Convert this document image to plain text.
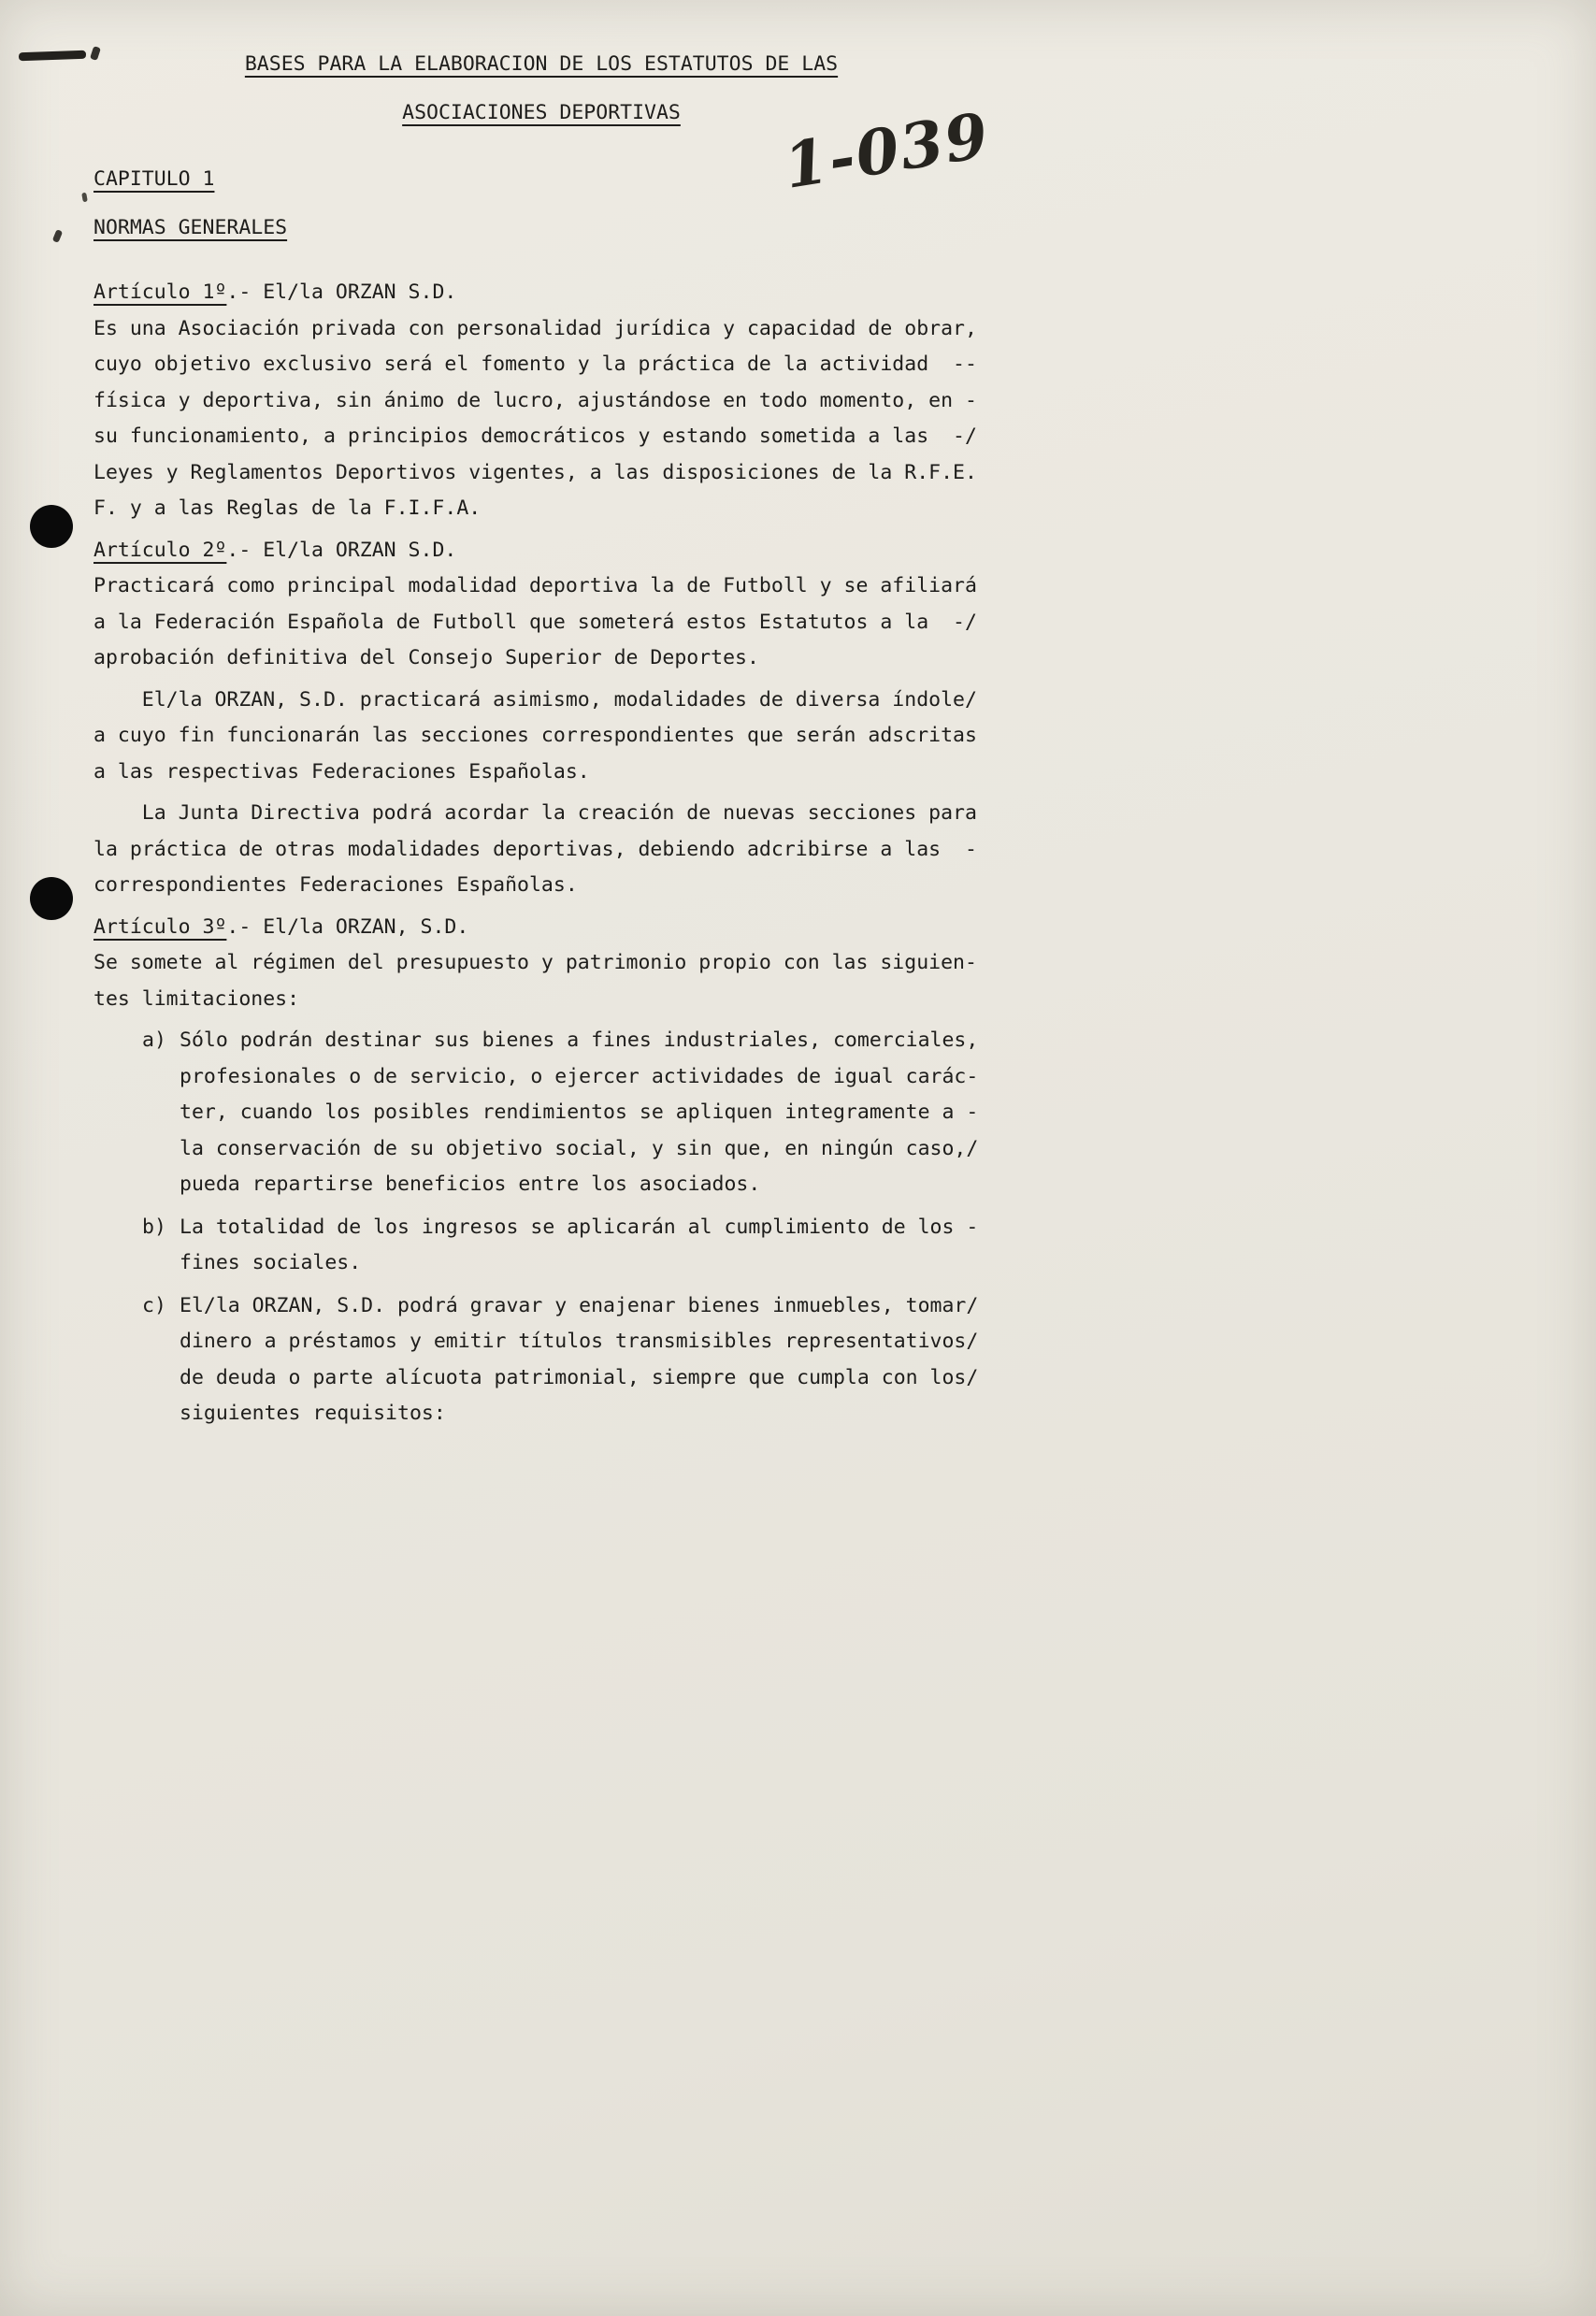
1-039
BASES PARA LA ELABORACION DE LOS ESTATUTOS DE LAS
ASOCIACIONES DEPORTIVAS
CAPITULO 1
NORMAS GENERALES
Artículo 1º.- El/la ORZAN S.D.
Es una Asociación privada con personalidad jurídica y capacidad de obrar,
cuyo objetivo exclusivo será el fomento y la práctica de la actividad  --
física y deportiva, sin ánimo de lucro, ajustándose en todo momento, en -
su funcionamiento, a principios democráticos y estando sometida a las  -/
Leyes y Reglamentos Deportivos vigentes, a las disposiciones de la R.F.E.
F. y a las Reglas de la F.I.F.A.
Artículo 2º.- El/la ORZAN S.D.
Practicará como principal modalidad deportiva la de Futboll y se afiliará
a la Federación Española de Futboll que someterá estos Estatutos a la  -/
aprobación definitiva del Consejo Superior de Deportes.
El/la ORZAN, S.D. practicará asimismo, modalidades de diversa índole/
a cuyo fin funcionarán las secciones correspondientes que serán adscritas
a las respectivas Federaciones Españolas.
La Junta Directiva podrá acordar la creación de nuevas secciones para
la práctica de otras modalidades deportivas, debiendo adcribirse a las  -
correspondientes Federaciones Españolas.
Artículo 3º.- El/la ORZAN, S.D.
Se somete al régimen del presupuesto y patrimonio propio con las siguien-
tes limitaciones:
a) Sólo podrán destinar sus bienes a fines industriales, comerciales,
profesionales o de servicio, o ejercer actividades de igual carác-
ter, cuando los posibles rendimientos se apliquen integramente a -
la conservación de su objetivo social, y sin que, en ningún caso,/
pueda repartirse beneficios entre los asociados.
b) La totalidad de los ingresos se aplicarán al cumplimiento de los -
fines sociales.
c) El/la ORZAN, S.D. podrá gravar y enajenar bienes inmuebles, tomar/
dinero a préstamos y emitir títulos transmisibles representativos/
de deuda o parte alícuota patrimonial, siempre que cumpla con los/
siguientes requisitos:
